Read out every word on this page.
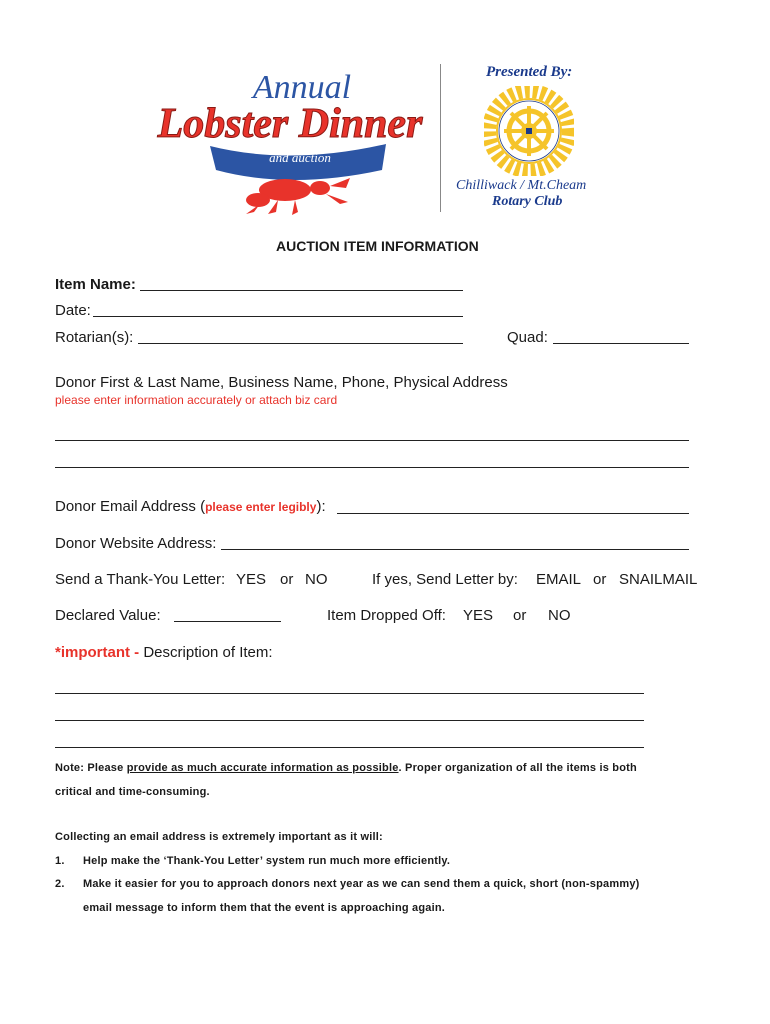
Annual
Lobster Dinner
and auction
Presented By:
Chilliwack / Mt.Cheam
Rotary Club
AUCTION ITEM INFORMATION
Item Name:
Date:
Rotarian(s):	Quad:
Donor First & Last Name, Business Name, Phone, Physical Address
please enter information accurately or attach biz card
Donor Email Address (please enter legibly):
Donor Website Address:
Send a Thank-You Letter: YES or NO	If yes, Send Letter by: EMAIL or SNAILMAIL
Declared Value:	Item Dropped Off: YES or NO
*important - Description of Item:
Note: Please provide as much accurate information as possible. Proper organization of all the items is both
critical and time-consuming.
Collecting an email address is extremely important as it will:
1. Help make the ‘Thank-You Letter’ system run much more efficiently.
2. Make it easier for you to approach donors next year as we can send them a quick, short (non-spammy)
email message to inform them that the event is approaching again.
